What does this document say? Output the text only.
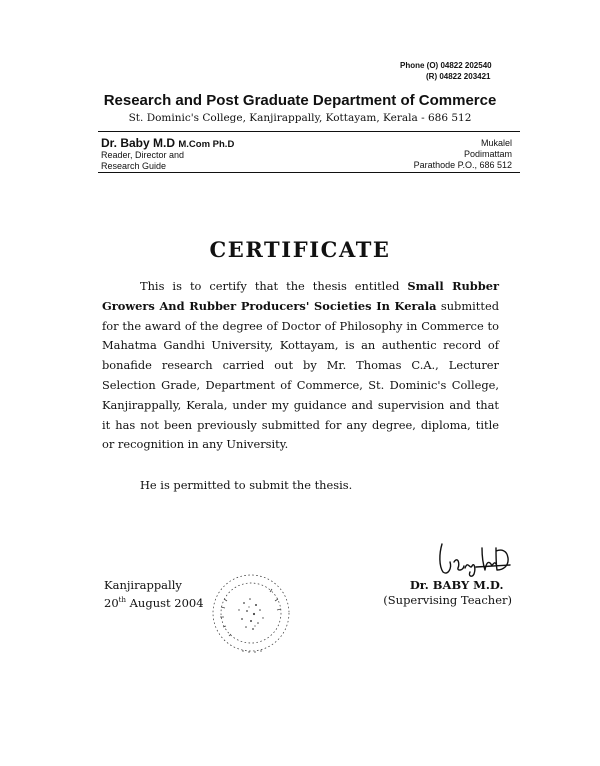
Phone (O) 04822 202540
(R) 04822 203421
Research and Post Graduate Department of Commerce
St. Dominic's College, Kanjirappally, Kottayam, Kerala - 686 512
Dr. Baby M.D M.Com Ph.D
Reader, Director and
Research Guide
Mukalel
Podimattam
Parathode P.O., 686 512
CERTIFICATE

This is to certify that the thesis entitled Small Rubber Growers And Rubber Producers' Societies In Kerala submitted for the award of the degree of Doctor of Philosophy in Commerce to Mahatma Gandhi University, Kottayam, is an authentic record of bonafide research carried out by Mr. Thomas C.A., Lecturer Selection Grade, Department of Commerce, St. Dominic's College, Kanjirappally, Kerala, under my guidance and supervision and that it has not been previously submitted for any degree, diploma, title or recognition in any University.

He is permitted to submit the thesis.
Kanjirappally
20th August 2004
Dr. BABY M.D.
(Supervising Teacher)
